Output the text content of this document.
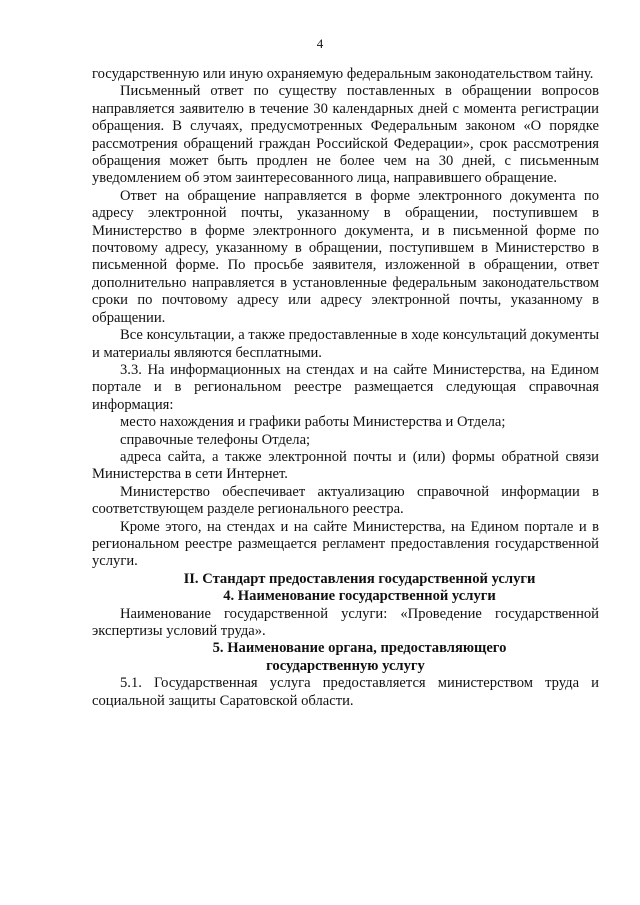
4

государственную или иную охраняемую федеральным законодательством тайну.

Письменный ответ по существу поставленных в обращении вопросов направляется заявителю в течение 30 календарных дней с момента регистрации обращения. В случаях, предусмотренных Федеральным законом «О порядке рассмотрения обращений граждан Российской Федерации», срок рассмотрения обращения может быть продлен не более чем на 30 дней, с письменным уведомлением об этом заинтересованного лица, направившего обращение.

Ответ на обращение направляется в форме электронного документа по адресу электронной почты, указанному в обращении, поступившем в Министерство в форме электронного документа, и в письменной форме по почтовому адресу, указанному в обращении, поступившем в Министерство в письменной форме. По просьбе заявителя, изложенной в обращении, ответ дополнительно направляется в установленные федеральным законодательством сроки по почтовому адресу или адресу электронной почты, указанному в обращении.

Все консультации, а также предоставленные в ходе консультаций документы и материалы являются бесплатными.

3.3. На информационных на стендах и на сайте Министерства, на Едином портале и в региональном реестре размещается следующая справочная информация:

место нахождения и графики работы Министерства и Отдела;

справочные телефоны Отдела;

адреса сайта, а также электронной почты и (или) формы обратной связи Министерства в сети Интернет.

Министерство обеспечивает актуализацию справочной информации в соответствующем разделе регионального реестра.

Кроме этого, на стендах и на сайте Министерства, на Едином портале и в региональном реестре размещается регламент предоставления государственной услуги.

II. Стандарт предоставления государственной услуги

4. Наименование государственной услуги

Наименование государственной услуги: «Проведение государственной экспертизы условий труда».

5. Наименование органа, предоставляющего государственную услугу

5.1. Государственная услуга предоставляется министерством труда и социальной защиты Саратовской области.
